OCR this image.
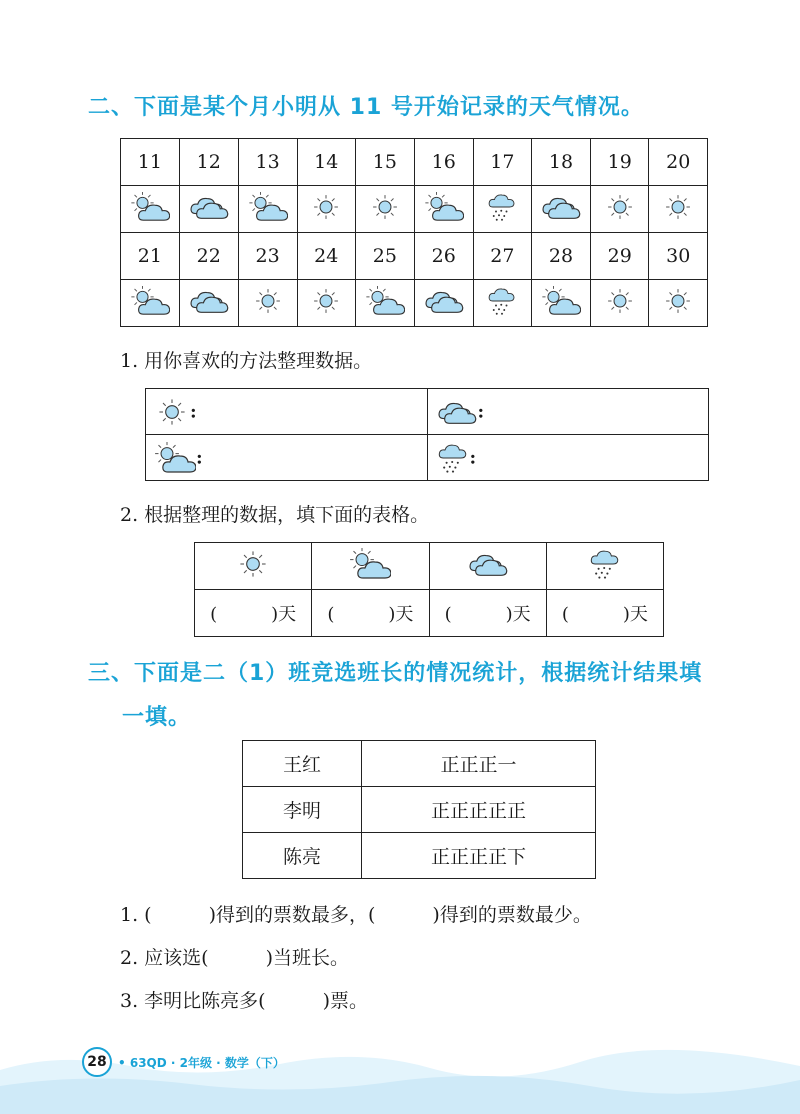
二、下面是某个月小明从 11 号开始记录的天气情况。
11	12	13	14	15	16	17	18	19	20

21	22	23	24	25	26	27	28	29	30

1. 用你喜欢的方法整理数据。
:	:
:	:
2. 根据整理的数据，填下面的表格。

(　　　)天	(　　　)天	(　　　)天	(　　　)天
三、下面是二（1）班竞选班长的情况统计，根据统计结果填
一填。
王红	正正正一
李明	正正正正正
陈亮	正正正正下
1. (　　　)得到的票数最多，(　　　)得到的票数最少。
2. 应该选(　　　)当班长。
3. 李明比陈亮多(　　　)票。
28 • 63QD · 2年级 · 数学（下）
